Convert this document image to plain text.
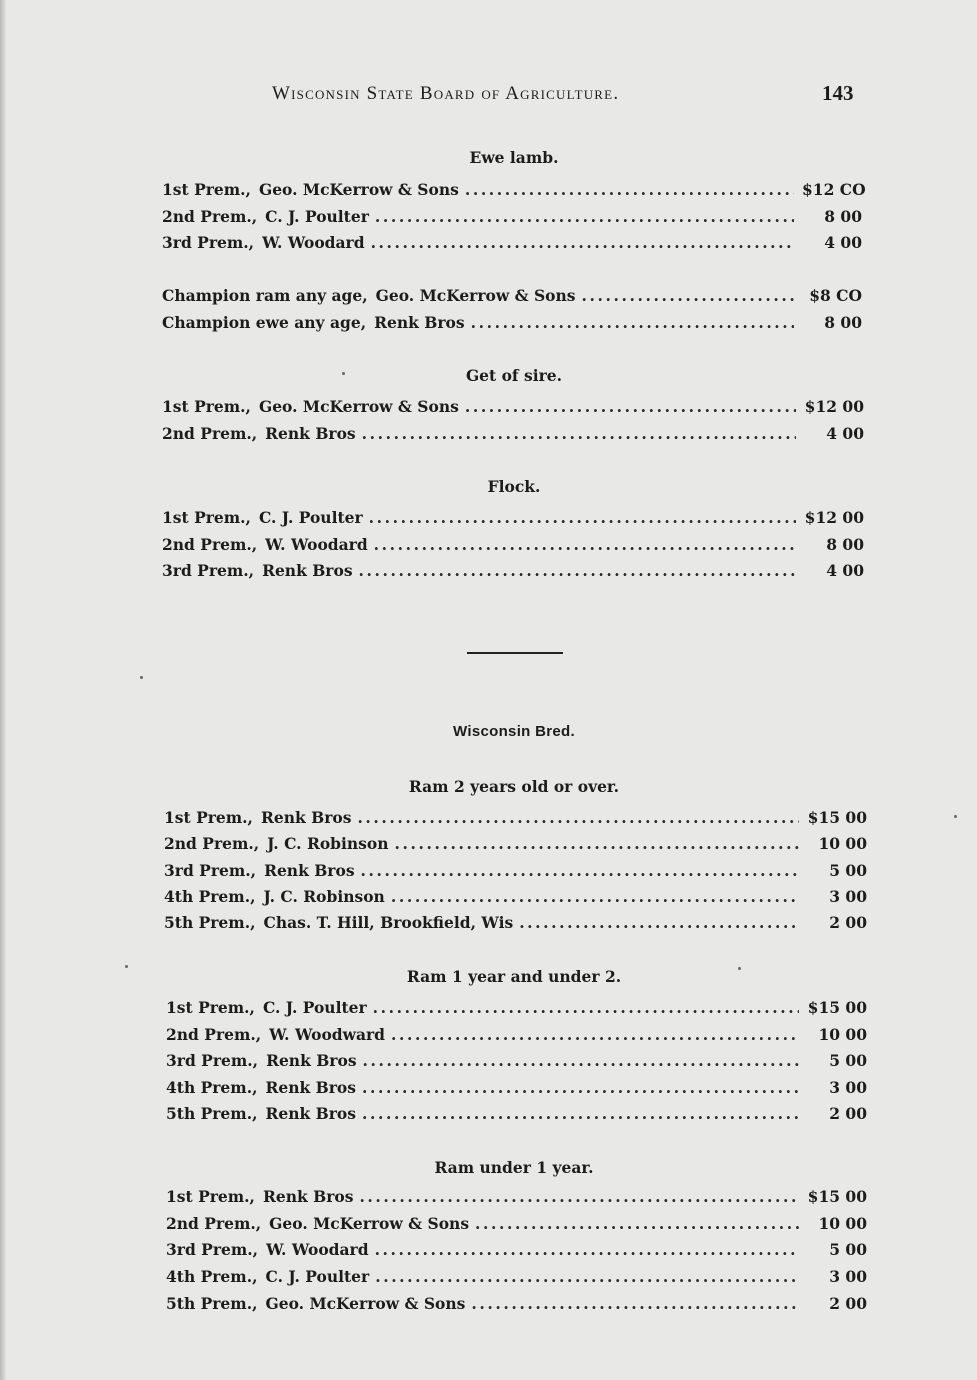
Wisconsin State Board of Agriculture.	143
Ewe lamb.
1st Prem., Geo. McKerrow & Sons . . .	$12 CO
2nd Prem., C. J. Poulter . . .	8 00
3rd Prem., W. Woodard . . .	4 00
Champion ram any age, Geo. McKerrow & Sons . . .	$8 CO
Champion ewe any age, Renk Bros . . .	8 00
Get of sire.
1st Prem., Geo. McKerrow & Sons . . .	$12 00
2nd Prem., Renk Bros . . .	4 00
Flock.
1st Prem., C. J. Poulter . . .	$12 00
2nd Prem., W. Woodard . . .	8 00
3rd Prem., Renk Bros . . .	4 00
Wisconsin Bred.
Ram 2 years old or over.
1st Prem., Renk Bros . . .	$15 00
2nd Prem., J. C. Robinson . . .	10 00
3rd Prem., Renk Bros . . .	5 00
4th Prem., J. C. Robinson . . .	3 00
5th Prem., Chas. T. Hill, Brookfield, Wis . . .	2 00
Ram 1 year and under 2.
1st Prem., C. J. Poulter . . .	$15 00
2nd Prem., W. Woodward . . .	10 00
3rd Prem., Renk Bros . . .	5 00
4th Prem., Renk Bros . . .	3 00
5th Prem., Renk Bros . . .	2 00
Ram under 1 year.
1st Prem., Renk Bros . . .	$15 00
2nd Prem., Geo. McKerrow & Sons . . .	10 00
3rd Prem., W. Woodard . . .	5 00
4th Prem., C. J. Poulter . . .	3 00
5th Prem., Geo. McKerrow & Sons . . .	2 00
